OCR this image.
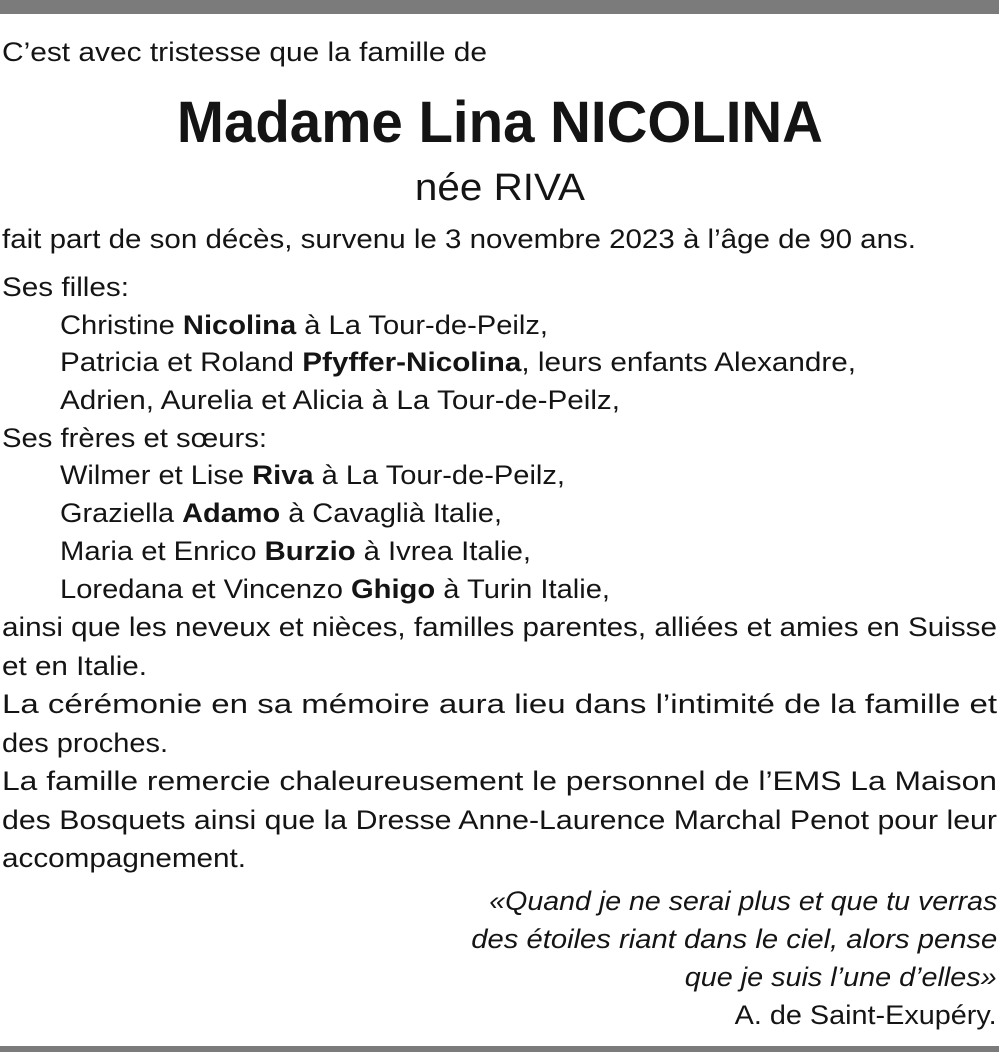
C’est avec tristesse que la famille de
Madame Lina NICOLINA
née RIVA
fait part de son décès, survenu le 3 novembre 2023 à l’âge de 90 ans.
Ses filles:
Christine Nicolina à La Tour-de-Peilz,
Patricia et Roland Pfyffer-Nicolina, leurs enfants Alexandre,
Adrien, Aurelia et Alicia à La Tour-de-Peilz,
Ses frères et sœurs:
Wilmer et Lise Riva à La Tour-de-Peilz,
Graziella Adamo à Cavaglià Italie,
Maria et Enrico Burzio à Ivrea Italie,
Loredana et Vincenzo Ghigo à Turin Italie,
ainsi que les neveux et nièces, familles parentes, alliées et amies en Suisse
et en Italie.
La cérémonie en sa mémoire aura lieu dans l’intimité de la famille et
des proches.
La famille remercie chaleureusement le personnel de l’EMS La Maison
des Bosquets ainsi que la Dresse Anne-Laurence Marchal Penot pour leur
accompagnement.
«Quand je ne serai plus et que tu verras
des étoiles riant dans le ciel, alors pense
que je suis l’une d’elles»
A. de Saint-Exupéry.
